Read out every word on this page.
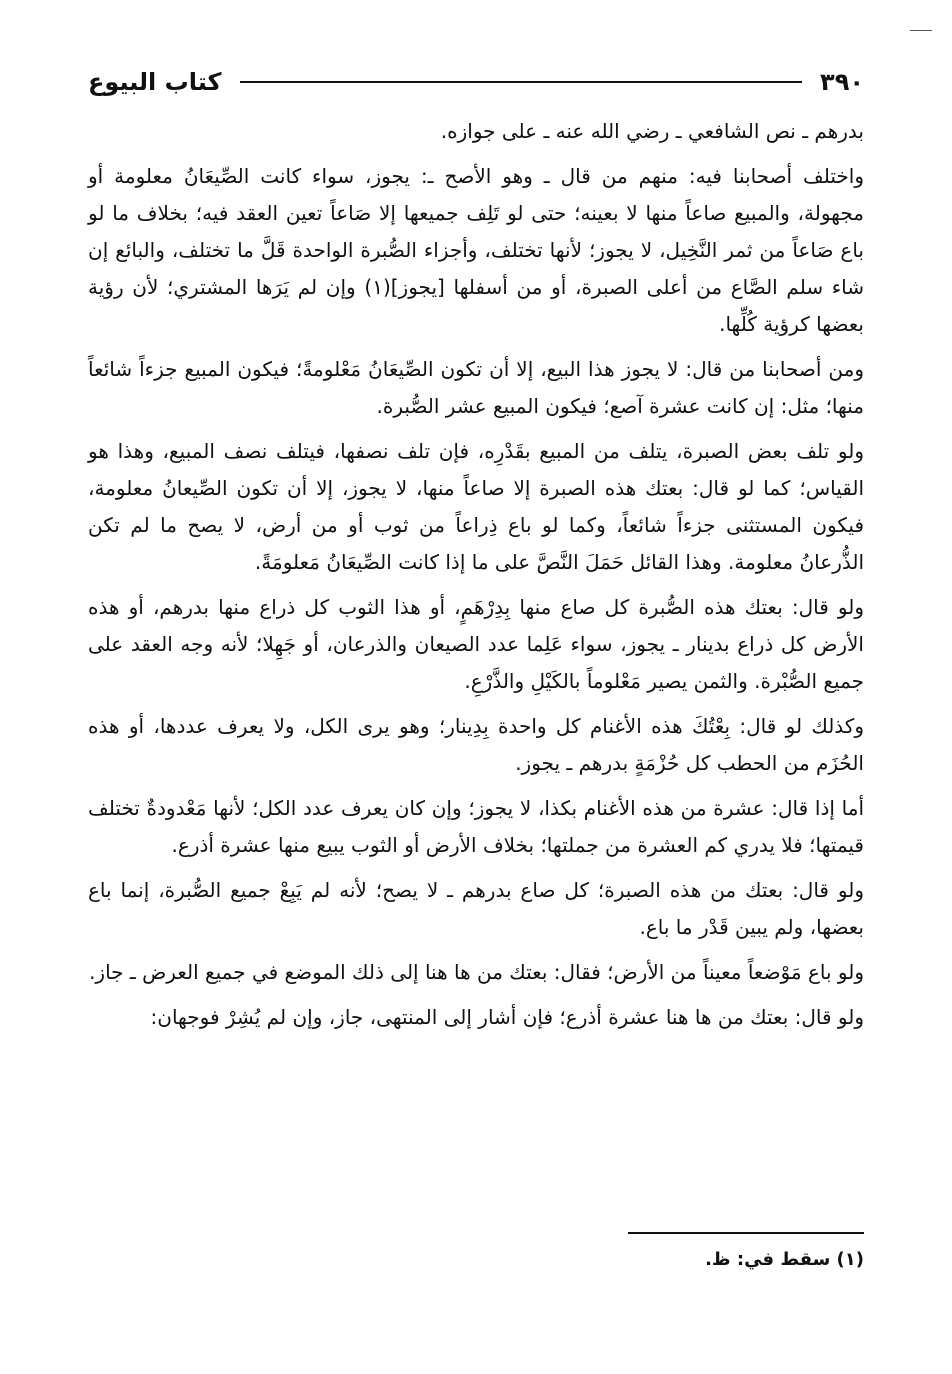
٣٩٠
كتاب البيوع

بدرهم ـ نص الشافعي ـ رضي الله عنه ـ على جوازه.

واختلف أصحابنا فيه: منهم من قال ـ وهو الأصح ـ: يجوز، سواء كانت الصِّيعَانُ معلومة أو مجهولة، والمبيع صاعاً منها لا بعينه؛ حتى لو تَلِف جميعها إلا صَاعاً تعين العقد فيه؛ بخلاف ما لو باع صَاعاً من ثمر النَّخِيل، لا يجوز؛ لأنها تختلف، وأجزاء الصُّبرة الواحدة قَلَّ ما تختلف، والبائع إن شاء سلم الصَّاع من أعلى الصبرة، أو من أسفلها [يجوز](١) وإن لم يَرَها المشتري؛ لأن رؤية بعضها كرؤية كُلِّها.

ومن أصحابنا من قال: لا يجوز هذا البيع، إلا أن تكون الصِّيعَانُ مَعْلومةً؛ فيكون المبيع جزءاً شائعاً منها؛ مثل: إن كانت عشرة آصع؛ فيكون المبيع عشر الصُّبرة.

ولو تلف بعض الصبرة، يتلف من المبيع بقَدْرِه، فإن تلف نصفها، فيتلف نصف المبيع، وهذا هو القياس؛ كما لو قال: بعتك هذه الصبرة إلا صاعاً منها، لا يجوز، إلا أن تكون الصِّيعانُ معلومة، فيكون المستثنى جزءاً شائعاً، وكما لو باع ذِراعاً من ثوب أو من أرض، لا يصح ما لم تكن الذُّرعانُ معلومة. وهذا القائل حَمَلَ النَّصَّ على ما إذا كانت الصِّيعَانُ مَعلومَةً.

ولو قال: بعتك هذه الصُّبرة كل صاع منها بِدِرْهَمٍ، أو هذا الثوب كل ذراع منها بدرهم، أو هذه الأرض كل ذراع بدينار ـ يجوز، سواء عَلِما عدد الصيعان والذرعان، أو جَهِلا؛ لأنه وجه العقد على جميع الصُّبْرة. والثمن يصير مَعْلوماً بالكَيْلِ والذَّرْعِ.

وكذلك لو قال: بِعْتُكَ هذه الأغنام كل واحدة بِدِينار؛ وهو يرى الكل، ولا يعرف عددها، أو هذه الحُزَم من الحطب كل حُزْمَةٍ بدرهم ـ يجوز.

أما إذا قال: عشرة من هذه الأغنام بكذا، لا يجوز؛ وإن كان يعرف عدد الكل؛ لأنها مَعْدودةٌ تختلف قيمتها؛ فلا يدري كم العشرة من جملتها؛ بخلاف الأرض أو الثوب يبيع منها عشرة أذرع.

ولو قال: بعتك من هذه الصبرة؛ كل صاع بدرهم ـ لا يصح؛ لأنه لم يَبِعْ جميع الصُّبرة، إنما باع بعضها، ولم يبين قَدْر ما باع.

ولو باع مَوْضعاً معيناً من الأرض؛ فقال: بعتك من ها هنا إلى ذلك الموضع في جميع العرض ـ جاز.

ولو قال: بعتك من ها هنا عشرة أذرع؛ فإن أشار إلى المنتهى، جاز، وإن لم يُشِرْ فوجهان:

(١) سقط في: ظ.
